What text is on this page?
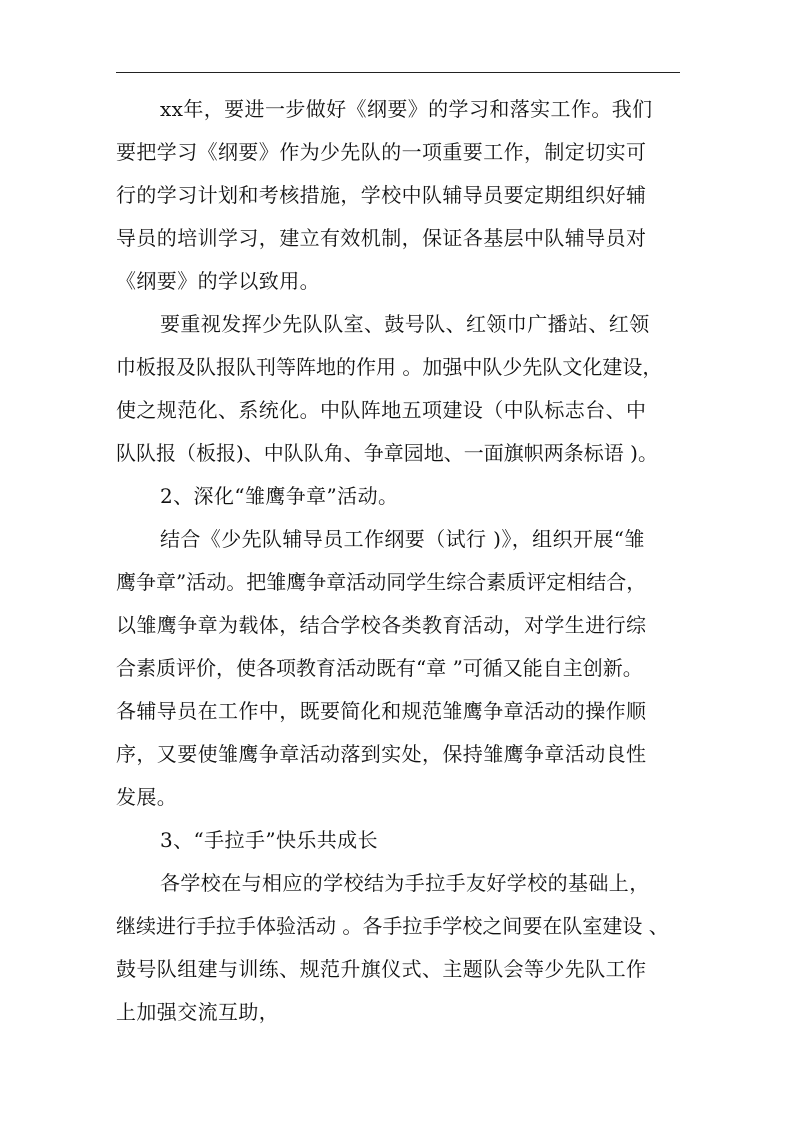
xx年，要进一步做好《纲要》的学习和落实工作。我们
要把学习《纲要》作为少先队的一项重要工作，制定切实可
行的学习计划和考核措施，学校中队辅导员要定期组织好辅
导员的培训学习，建立有效机制，保证各基层中队辅导员对
《纲要》的学以致用。
要重视发挥少先队队室、鼓号队、红领巾广播站、红领
巾板报及队报队刊等阵地的作用 。加强中队少先队文化建设，
使之规范化、系统化。中队阵地五项建设（中队标志台、中
队队报（板报)、中队队角、争章园地、一面旗帜两条标语 )。
2、深化“雏鹰争章”活动。
结合《少先队辅导员工作纲要（试行 )》，组织开展“雏
鹰争章”活动。把雏鹰争章活动同学生综合素质评定相结合，
以雏鹰争章为载体，结合学校各类教育活动，对学生进行综
合素质评价，使各项教育活动既有“章 ”可循又能自主创新。
各辅导员在工作中，既要简化和规范雏鹰争章活动的操作顺
序，又要使雏鹰争章活动落到实处，保持雏鹰争章活动良性
发展。
3、“手拉手”快乐共成长
各学校在与相应的学校结为手拉手友好学校的基础上，
继续进行手拉手体验活动 。各手拉手学校之间要在队室建设 、
鼓号队组建与训练、规范升旗仪式、主题队会等少先队工作
上加强交流互助，
